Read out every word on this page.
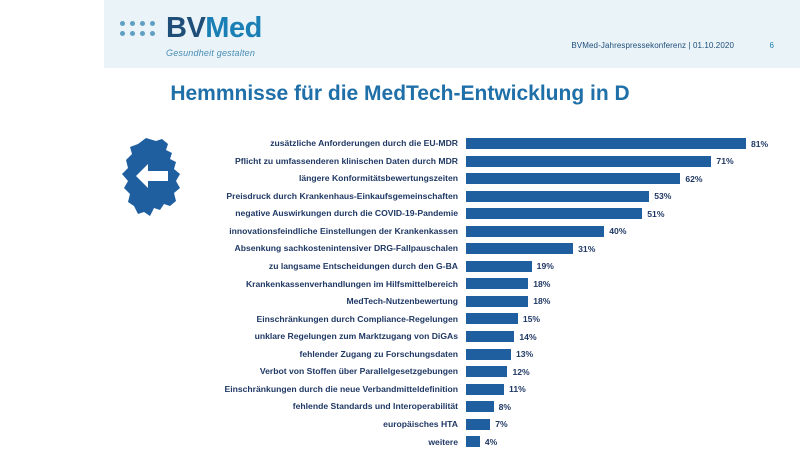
BVMed
Gesundheit gestalten
BVMed-Jahrespressekonferenz | 01.10.2020	6
Hemmnisse für die MedTech-Entwicklung in D
zusätzliche Anforderungen durch die EU-MDR	81%
Pflicht zu umfassenderen klinischen Daten durch MDR	71%
längere Konformitätsbewertungszeiten	62%
Preisdruck durch Krankenhaus-Einkaufsgemeinschaften	53%
negative Auswirkungen durch die COVID-19-Pandemie	51%
innovationsfeindliche Einstellungen der Krankenkassen	40%
Absenkung sachkostenintensiver DRG-Fallpauschalen	31%
zu langsame Entscheidungen durch den G-BA	19%
Krankenkassenverhandlungen im Hilfsmittelbereich	18%
MedTech-Nutzenbewertung	18%
Einschränkungen durch Compliance-Regelungen	15%
unklare Regelungen zum Marktzugang von DiGAs	14%
fehlender Zugang zu Forschungsdaten	13%
Verbot von Stoffen über Parallelgesetzgebungen	12%
Einschränkungen durch die neue Verbandmitteldefinition	11%
fehlende Standards und Interoperabilität	8%
europäisches HTA	7%
weitere	4%
